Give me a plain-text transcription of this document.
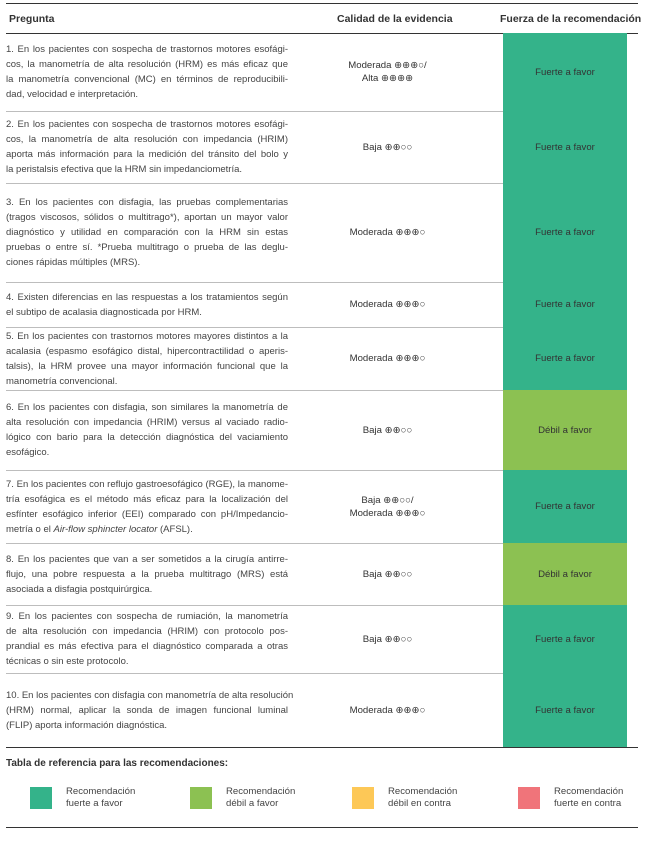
Pregunta	Calidad de la evidencia	Fuerza de la recomendación
1. En los pacientes con sospecha de trastornos motores esofági-
cos, la manometría de alta resolución (HRM) es más eficaz que
la manometría convencional (MC) en términos de reproducibili-
dad, velocidad e interpretación.
Moderada ⊕⊕⊕○/
Alta ⊕⊕⊕⊕
Fuerte a favor
2. En los pacientes con sospecha de trastornos motores esofági-
cos, la manometría de alta resolución con impedancia (HRIM)
aporta más información para la medición del tránsito del bolo y
la peristalsis efectiva que la HRM sin impedanciometría.
Baja ⊕⊕○○	Fuerte a favor
3. En los pacientes con disfagia, las pruebas complementarias
(tragos viscosos, sólidos o multitrago*), aportan un mayor valor
diagnóstico y utilidad en comparación con la HRM sin estas
pruebas o entre sí. *Prueba multitrago o prueba de las deglu-
ciones rápidas múltiples (MRS).
Moderada ⊕⊕⊕○	Fuerte a favor
4. Existen diferencias en las respuestas a los tratamientos según
el subtipo de acalasia diagnosticada por HRM.
Moderada ⊕⊕⊕○	Fuerte a favor
5. En los pacientes con trastornos motores mayores distintos a la
acalasia (espasmo esofágico distal, hipercontractilidad o aperis-
talsis), la HRM provee una mayor información funcional que la
manometría convencional.
Moderada ⊕⊕⊕○	Fuerte a favor
6. En los pacientes con disfagia, son similares la manometría de
alta resolución con impedancia (HRIM) versus al vaciado radio-
lógico con bario para la detección diagnóstica del vaciamiento
esofágico.
Baja ⊕⊕○○	Débil a favor
7. En los pacientes con reflujo gastroesofágico (RGE), la manome-
tría esofágica es el método más eficaz para la localización del
esfínter esofágico inferior (EEI) comparado con pH/Impedancio-
metría o el Air-flow sphincter locator (AFSL).
Baja ⊕⊕○○/
Moderada ⊕⊕⊕○
Fuerte a favor
8. En los pacientes que van a ser sometidos a la cirugía antirre-
flujo, una pobre respuesta a la prueba multitrago (MRS) está
asociada a disfagia postquirúrgica.
Baja ⊕⊕○○	Débil a favor
9. En los pacientes con sospecha de rumiación, la manometría
de alta resolución con impedancia (HRIM) con protocolo pos-
prandial es más efectiva para el diagnóstico comparada a otras
técnicas o sin este protocolo.
Baja ⊕⊕○○	Fuerte a favor
10. En los pacientes con disfagia con manometría de alta resolución
(HRM) normal, aplicar la sonda de imagen funcional luminal
(FLIP) aporta información diagnóstica.
Moderada ⊕⊕⊕○	Fuerte a favor
Tabla de referencia para las recomendaciones:
Recomendación
fuerte a favor
Recomendación
débil a favor
Recomendación
débil en contra
Recomendación
fuerte en contra
